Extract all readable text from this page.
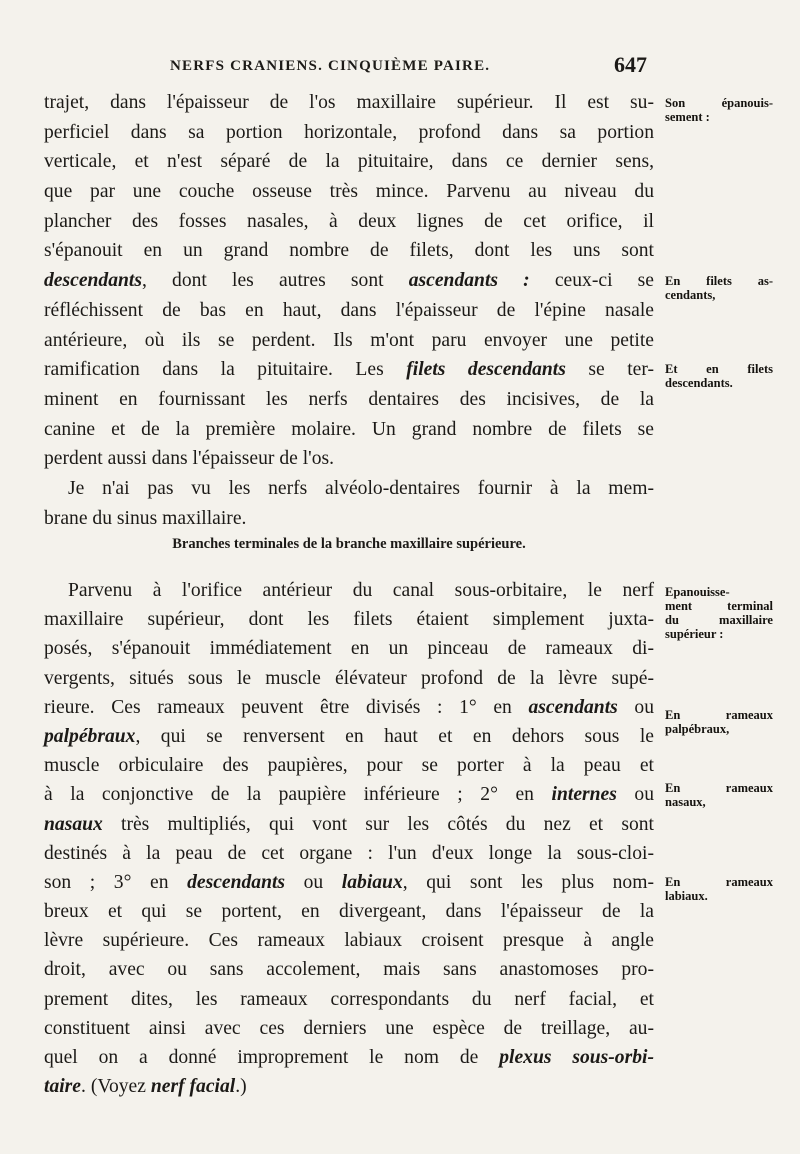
NERFS CRANIENS. CINQUIÈME PAIRE.	647
trajet, dans l'épaisseur de l'os maxillaire supérieur. Il est su-
perficiel dans sa portion horizontale, profond dans sa portion
verticale, et n'est séparé de la pituitaire, dans ce dernier sens,
que par une couche osseuse très mince. Parvenu au niveau du
plancher des fosses nasales, à deux lignes de cet orifice, il
s'épanouit en un grand nombre de filets, dont les uns sont
descendants, dont les autres sont ascendants : ceux-ci se
réfléchissent de bas en haut, dans l'épaisseur de l'épine nasale
antérieure, où ils se perdent. Ils m'ont paru envoyer une petite
ramification dans la pituitaire. Les filets descendants se ter-
minent en fournissant les nerfs dentaires des incisives, de la
canine et de la première molaire. Un grand nombre de filets se
perdent aussi dans l'épaisseur de l'os.
Je n'ai pas vu les nerfs alvéolo-dentaires fournir à la mem-
brane du sinus maxillaire.
Branches terminales de la branche maxillaire supérieure.
Parvenu à l'orifice antérieur du canal sous-orbitaire, le nerf
maxillaire supérieur, dont les filets étaient simplement juxta-
posés, s'épanouit immédiatement en un pinceau de rameaux di-
vergents, situés sous le muscle élévateur profond de la lèvre supé-
rieure. Ces rameaux peuvent être divisés : 1° en ascendants ou
palpébraux, qui se renversent en haut et en dehors sous le
muscle orbiculaire des paupières, pour se porter à la peau et
à la conjonctive de la paupière inférieure ; 2° en internes ou
nasaux très multipliés, qui vont sur les côtés du nez et sont
destinés à la peau de cet organe : l'un d'eux longe la sous-cloi-
son ; 3° en descendants ou labiaux, qui sont les plus nom-
breux et qui se portent, en divergeant, dans l'épaisseur de la
lèvre supérieure. Ces rameaux labiaux croisent presque à angle
droit, avec ou sans accolement, mais sans anastomoses pro-
prement dites, les rameaux correspondants du nerf facial, et
constituent ainsi avec ces derniers une espèce de treillage, au-
quel on a donné improprement le nom de plexus sous-orbi-
taire. (Voyez nerf facial.)
Son épanouis-
sement :
En filets as-
cendants,
Et en filets
descendants.
Epanouisse-
ment terminal
du maxillaire
supérieur :
En rameaux
palpébraux,
En rameaux
nasaux,
En rameaux
labiaux.
